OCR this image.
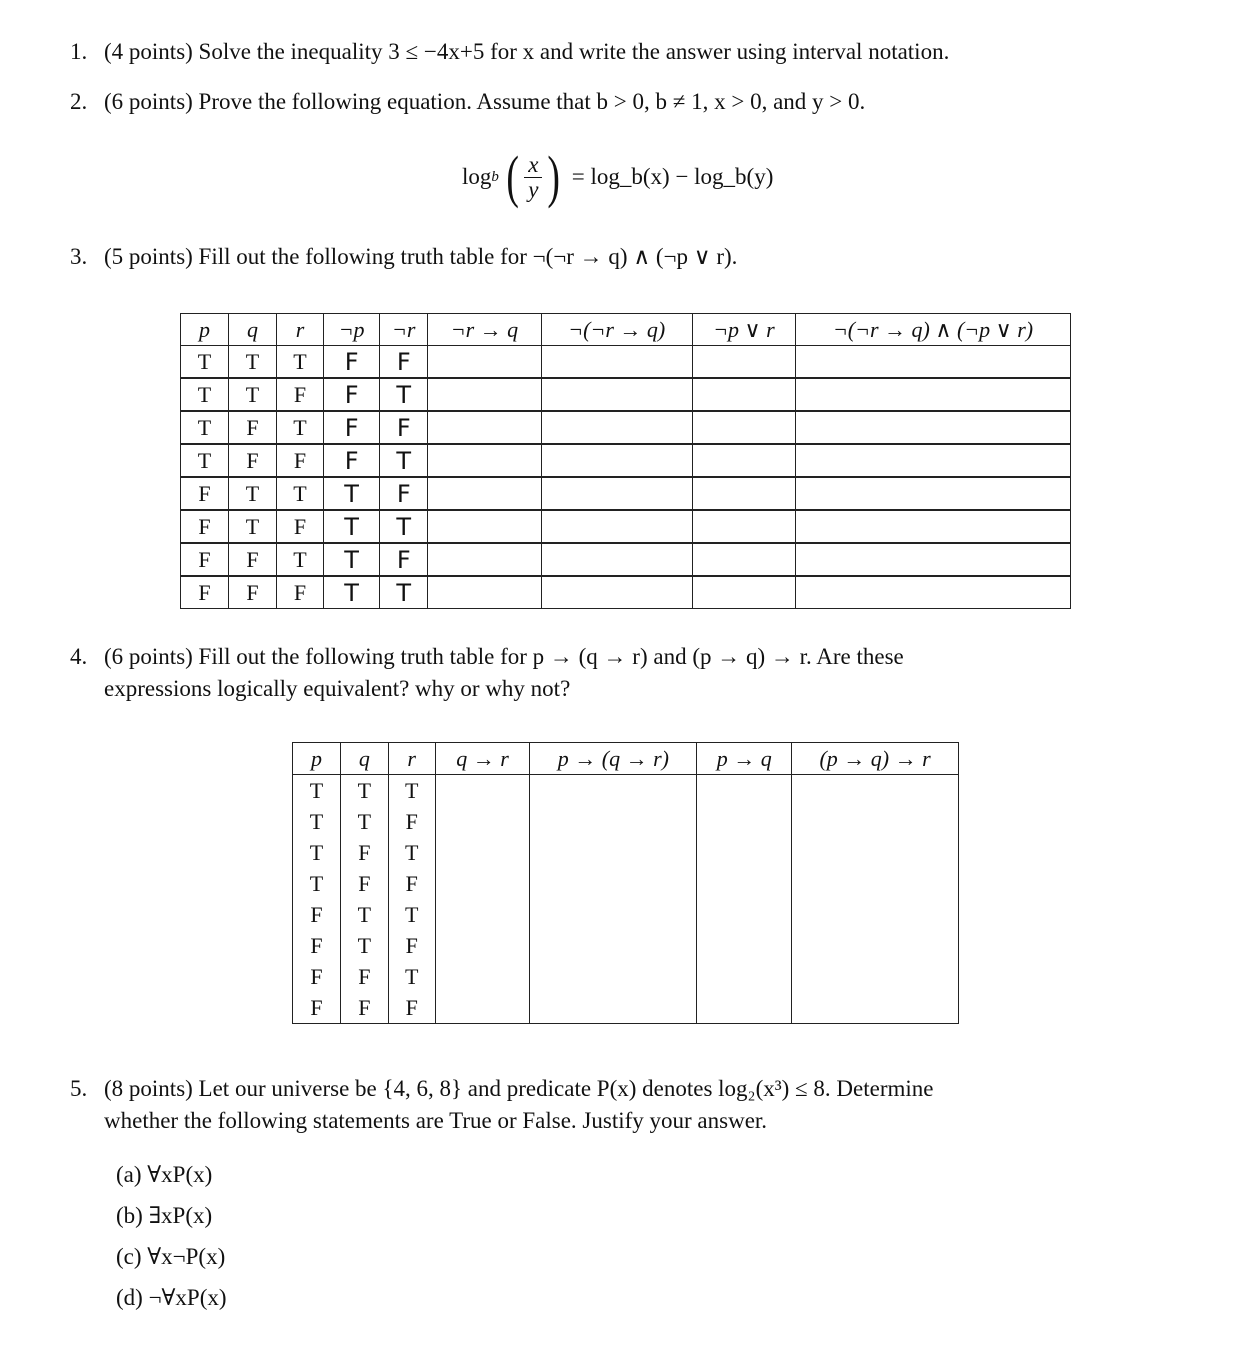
1. (4 points) Solve the inequality 3 ≤ −4x+5 for x and write the answer using interval notation.
2. (6 points) Prove the following equation. Assume that b > 0, b ≠ 1, x > 0, and y > 0.
log b ( $\frac{x}{y}$ ) = log_b(x) − log_b(y)
3. (5 points) Fill out the following truth table for ¬(¬r → q) ∧ (¬p ∨ r).
p	q	r	¬p	¬r	¬r → q	¬(¬r → q)	¬p ∨ r	¬(¬r → q) ∧ (¬p ∨ r)
T	T	T	F	F				
T	T	F	F	T				
T	F	T	F	F				
T	F	F	F	T				
F	T	T	T	F				
F	T	F	T	T				
F	F	T	T	F				
F	F	F	T	T				
4. (6 points) Fill out the following truth table for p → (q → r) and (p → q) → r. Are these
expressions logically equivalent? why or why not?
p	q	r	q → r	p → (q → r)	p → q	(p → q) → r
T	T	T				
T	T	F				
T	F	T				
T	F	F				
F	T	T				
F	T	F				
F	F	T				
F	F	F				
5. (8 points) Let our universe be {4, 6, 8} and predicate P(x) denotes log₂(x³) ≤ 8. Determine
whether the following statements are True or False. Justify your answer.
(a) ∀xP(x)
(b) ∃xP(x)
(c) ∀x¬P(x)
(d) ¬∀xP(x)
